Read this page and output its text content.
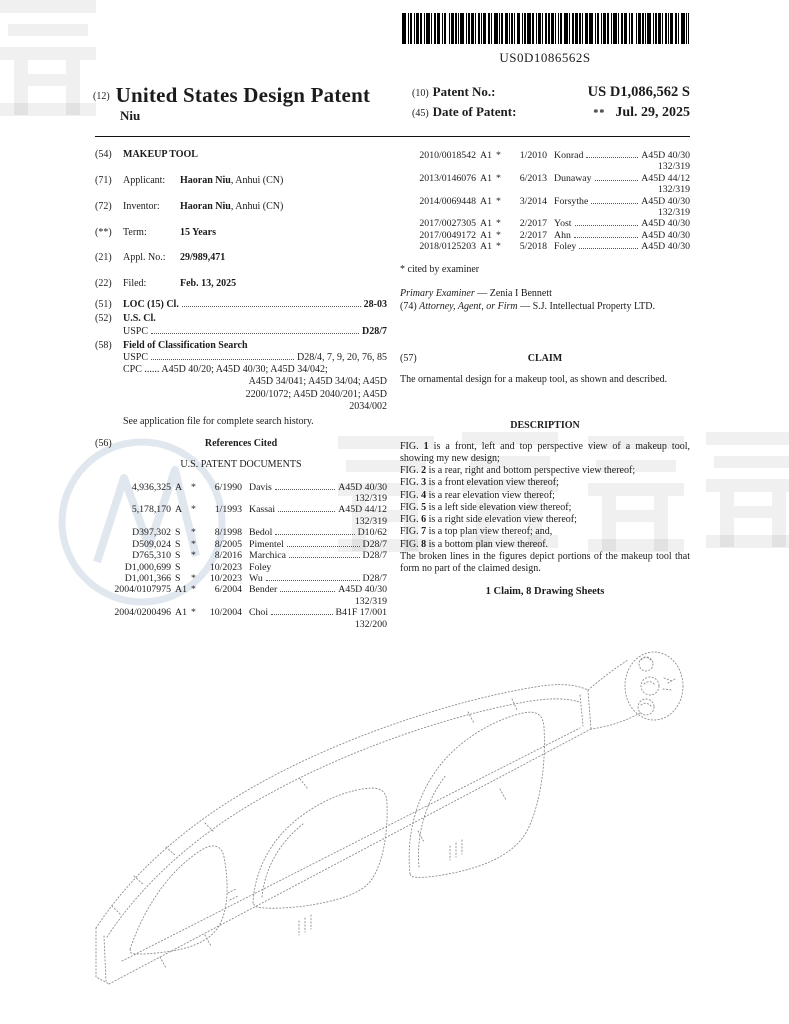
US0D1086562S
(12) United States Design Patent
Niu
(10) Patent No.:	US D1,086,562 S
(45) Date of Patent:	** Jul. 29, 2025
(54)	MAKEUP TOOL
(71)	Applicant:	Haoran Niu, Anhui (CN)
(72)	Inventor:	Haoran Niu, Anhui (CN)
(**)	Term:	15 Years
(21)	Appl. No.:	29/989,471
(22)	Filed:	Feb. 13, 2025
(51)	LOC (15) Cl.	28-03
(52)	U.S. Cl.
USPC	D28/7
(58)	Field of Classification Search
USPC	D28/4, 7, 9, 20, 76, 85
CPC ...... A45D 40/20; A45D 40/30; A45D 34/042;
A45D 34/041; A45D 34/04; A45D
2200/1072; A45D 2040/201; A45D
2034/002
See application file for complete search history.
(56)	References Cited
U.S. PATENT DOCUMENTS
4,936,325 A *	6/1990 Davis	A45D 40/30
132/319
5,178,170 A *	1/1993 Kassai	A45D 44/12
132/319
D397,302 S	*	8/1998 Bedol	D10/62
D509,024 S	*	8/2005 Pimentel	D28/7
D765,310 S	*	8/2016 Marchica	D28/7
D1,000,699 S	10/2023 Foley
D1,001,366 S	*	10/2023 Wu	D28/7
2004/0107975 A1 *	6/2004 Bender	A45D 40/30
132/319
2004/0200496 A1 *	10/2004 Choi	B41F 17/001
132/200
2010/0018542 A1 *	1/2010 Konrad	A45D 40/30
132/319
2013/0146076 A1 *	6/2013 Dunaway	A45D 44/12
132/319
2014/0069448 A1 *	3/2014 Forsythe	A45D 40/30
132/319
2017/0027305 A1 *	2/2017 Yost	A45D 40/30
2017/0049172 A1 *	2/2017 Ahn	A45D 40/30
2018/0125203 A1 *	5/2018 Foley	A45D 40/30
* cited by examiner
Primary Examiner — Zenia I Bennett
(74) Attorney, Agent, or Firm — S.J. Intellectual Property LTD.
(57)	CLAIM
The ornamental design for a makeup tool, as shown and described.
DESCRIPTION

FIG. 1 is a front, left and top perspective view of a makeup tool, showing my new design;

FIG. 2 is a rear, right and bottom perspective view thereof;

FIG. 3 is a front elevation view thereof;

FIG. 4 is a rear elevation view thereof;

FIG. 5 is a left side elevation view thereof;

FIG. 6 is a right side elevation view thereof;

FIG. 7 is a top plan view thereof; and,

FIG. 8 is a bottom plan view thereof.

The broken lines in the figures depict portions of the makeup tool that form no part of the claimed design.
1 Claim, 8 Drawing Sheets
